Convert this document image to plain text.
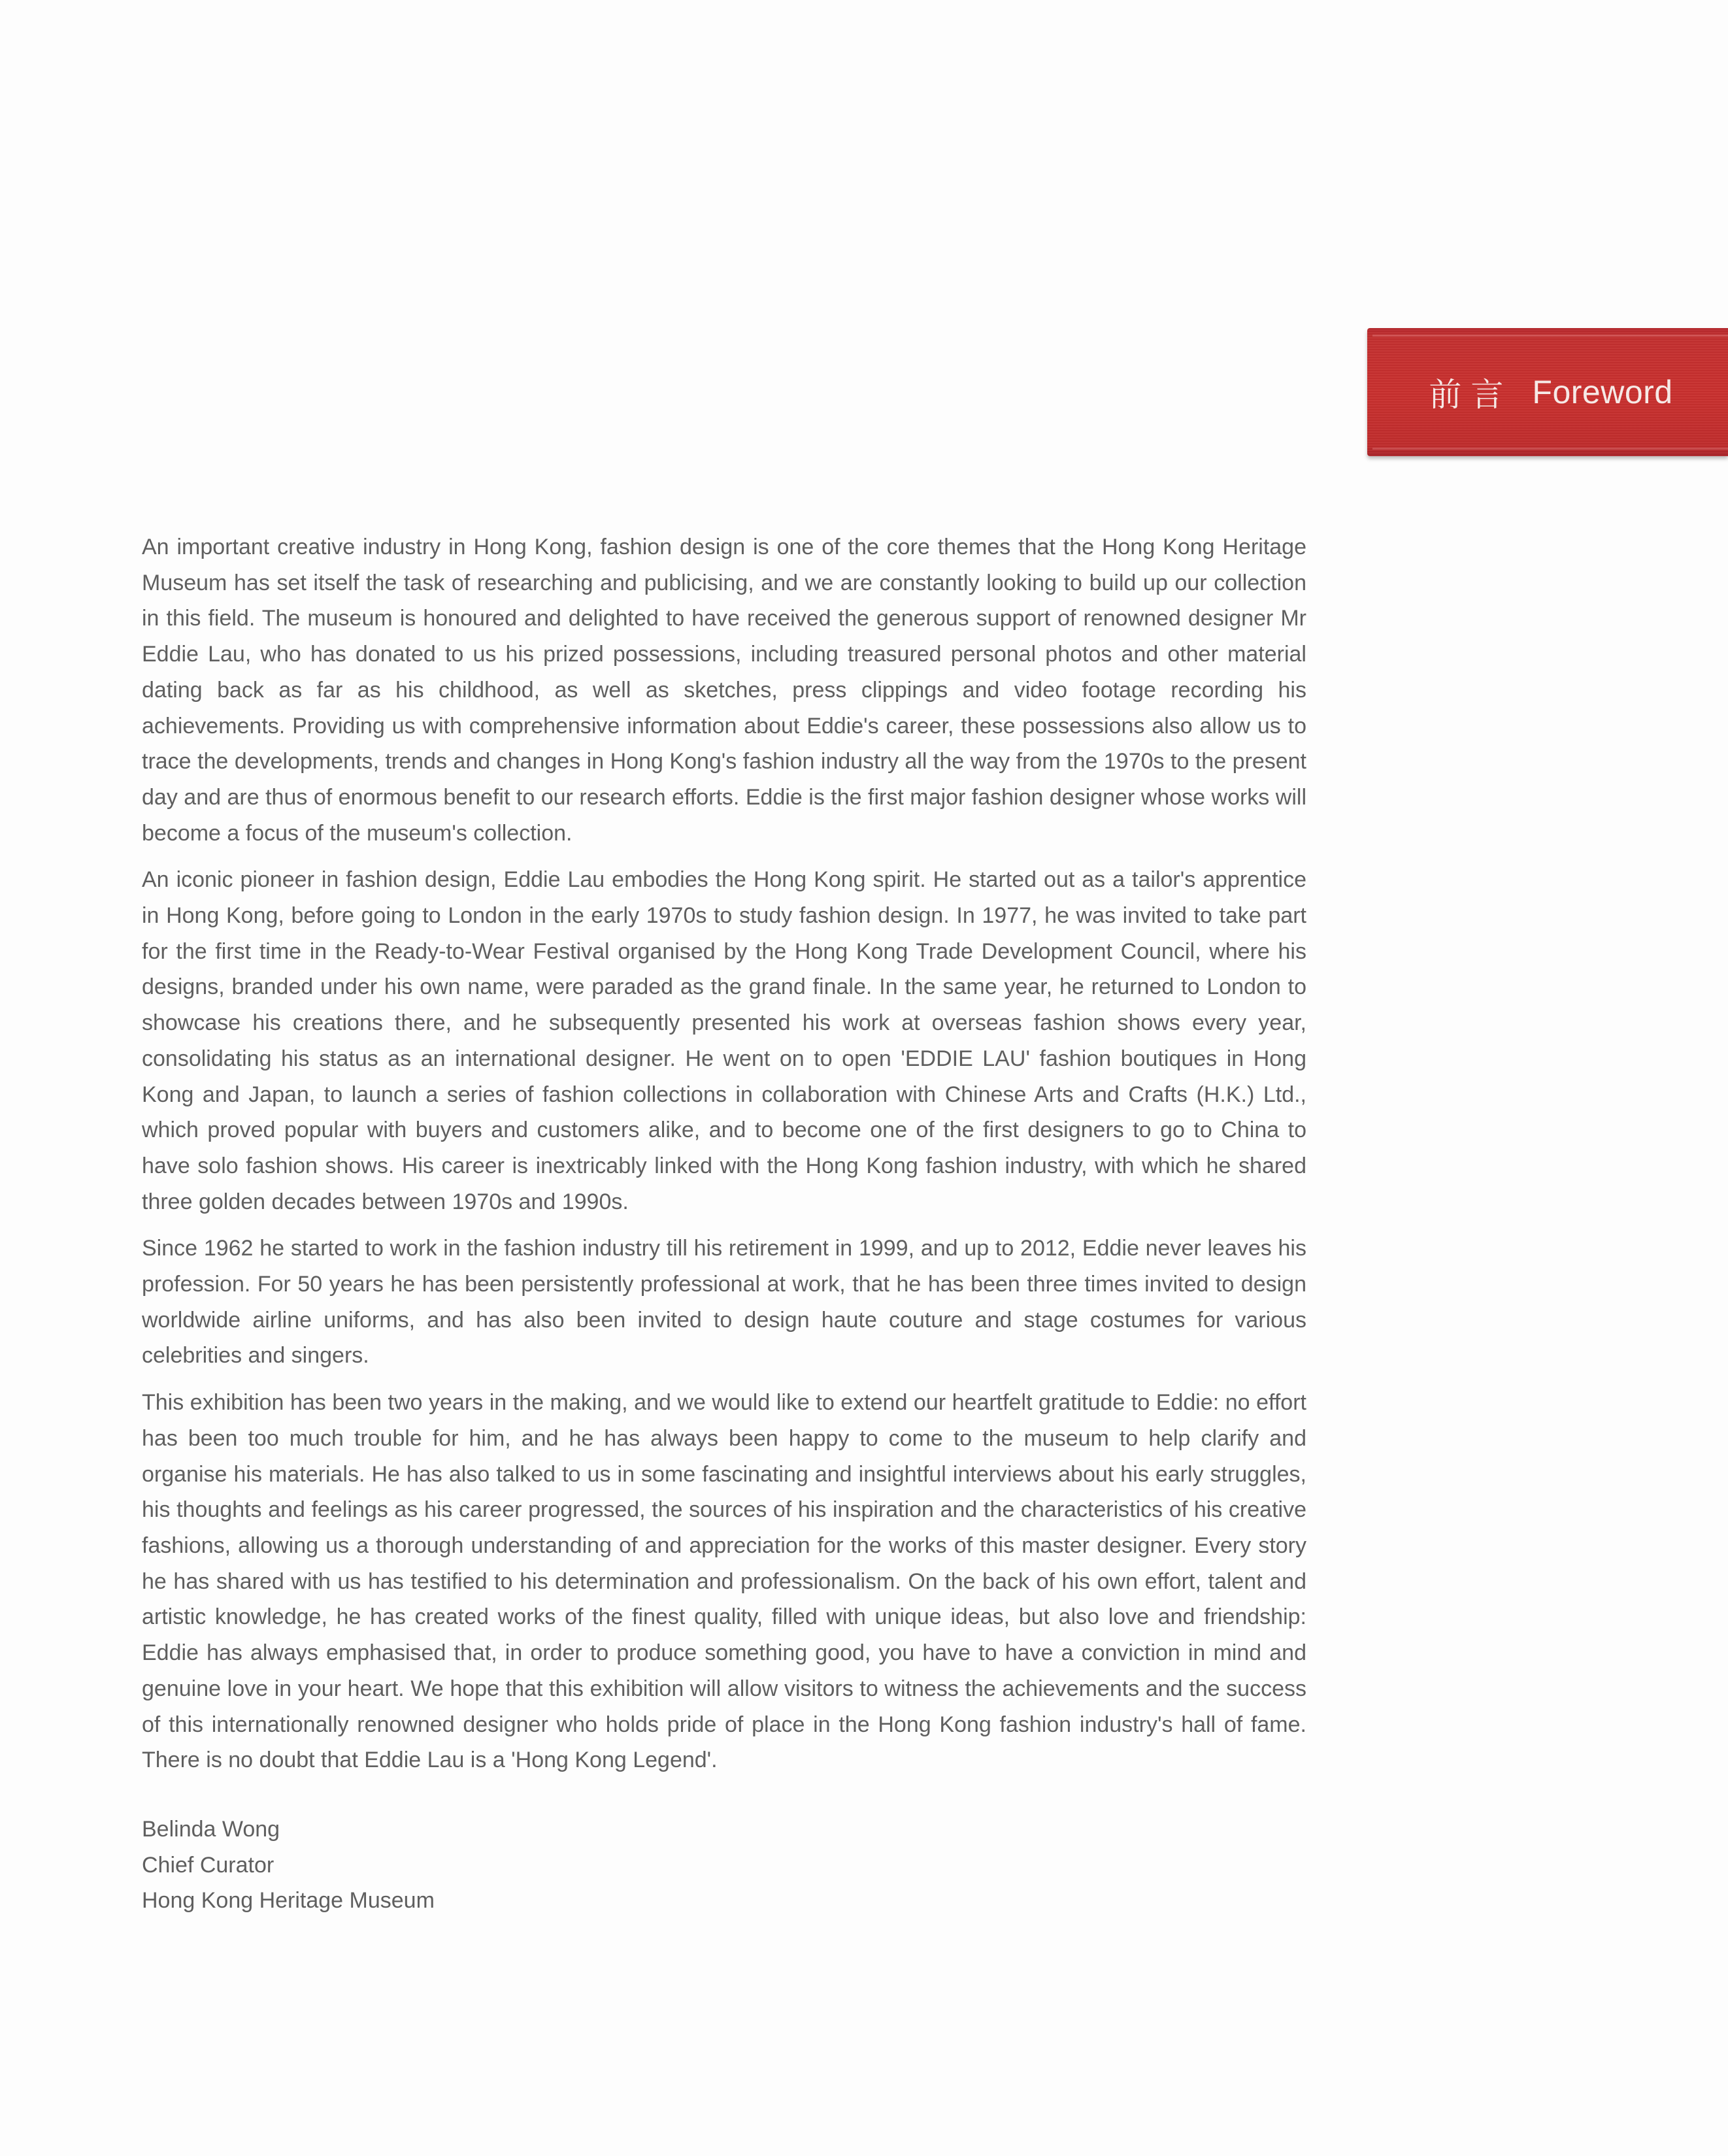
前言 Foreword

An important creative industry in Hong Kong, fashion design is one of the core themes that the Hong Kong Heritage Museum has set itself the task of researching and publicising, and we are constantly looking to build up our collection in this field. The museum is honoured and delighted to have received the generous support of renowned designer Mr Eddie Lau, who has donated to us his prized possessions, including treasured personal photos and other material dating back as far as his childhood, as well as sketches, press clippings and video footage recording his achievements. Providing us with comprehensive information about Eddie's career, these possessions also allow us to trace the developments, trends and changes in Hong Kong's fashion industry all the way from the 1970s to the present day and are thus of enormous benefit to our research efforts. Eddie is the first major fashion designer whose works will become a focus of the museum's collection.

An iconic pioneer in fashion design, Eddie Lau embodies the Hong Kong spirit. He started out as a tailor's apprentice in Hong Kong, before going to London in the early 1970s to study fashion design. In 1977, he was invited to take part for the first time in the Ready-to-Wear Festival organised by the Hong Kong Trade Development Council, where his designs, branded under his own name, were paraded as the grand finale. In the same year, he returned to London to showcase his creations there, and he subsequently presented his work at overseas fashion shows every year, consolidating his status as an international designer. He went on to open 'EDDIE LAU' fashion boutiques in Hong Kong and Japan, to launch a series of fashion collections in collaboration with Chinese Arts and Crafts (H.K.) Ltd., which proved popular with buyers and customers alike, and to become one of the first designers to go to China to have solo fashion shows. His career is inextricably linked with the Hong Kong fashion industry, with which he shared three golden decades between 1970s and 1990s.

Since 1962 he started to work in the fashion industry till his retirement in 1999, and up to 2012, Eddie never leaves his profession. For 50 years he has been persistently professional at work, that he has been three times invited to design worldwide airline uniforms, and has also been invited to design haute couture and stage costumes for various celebrities and singers.

This exhibition has been two years in the making, and we would like to extend our heartfelt gratitude to Eddie: no effort has been too much trouble for him, and he has always been happy to come to the museum to help clarify and organise his materials. He has also talked to us in some fascinating and insightful interviews about his early struggles, his thoughts and feelings as his career progressed, the sources of his inspiration and the characteristics of his creative fashions, allowing us a thorough understanding of and appreciation for the works of this master designer. Every story he has shared with us has testified to his determination and professionalism. On the back of his own effort, talent and artistic knowledge, he has created works of the finest quality, filled with unique ideas, but also love and friendship: Eddie has always emphasised that, in order to produce something good, you have to have a conviction in mind and genuine love in your heart. We hope that this exhibition will allow visitors to witness the achievements and the success of this internationally renowned designer who holds pride of place in the Hong Kong fashion industry's hall of fame. There is no doubt that Eddie Lau is a 'Hong Kong Legend'.

Belinda Wong
Chief Curator
Hong Kong Heritage Museum
